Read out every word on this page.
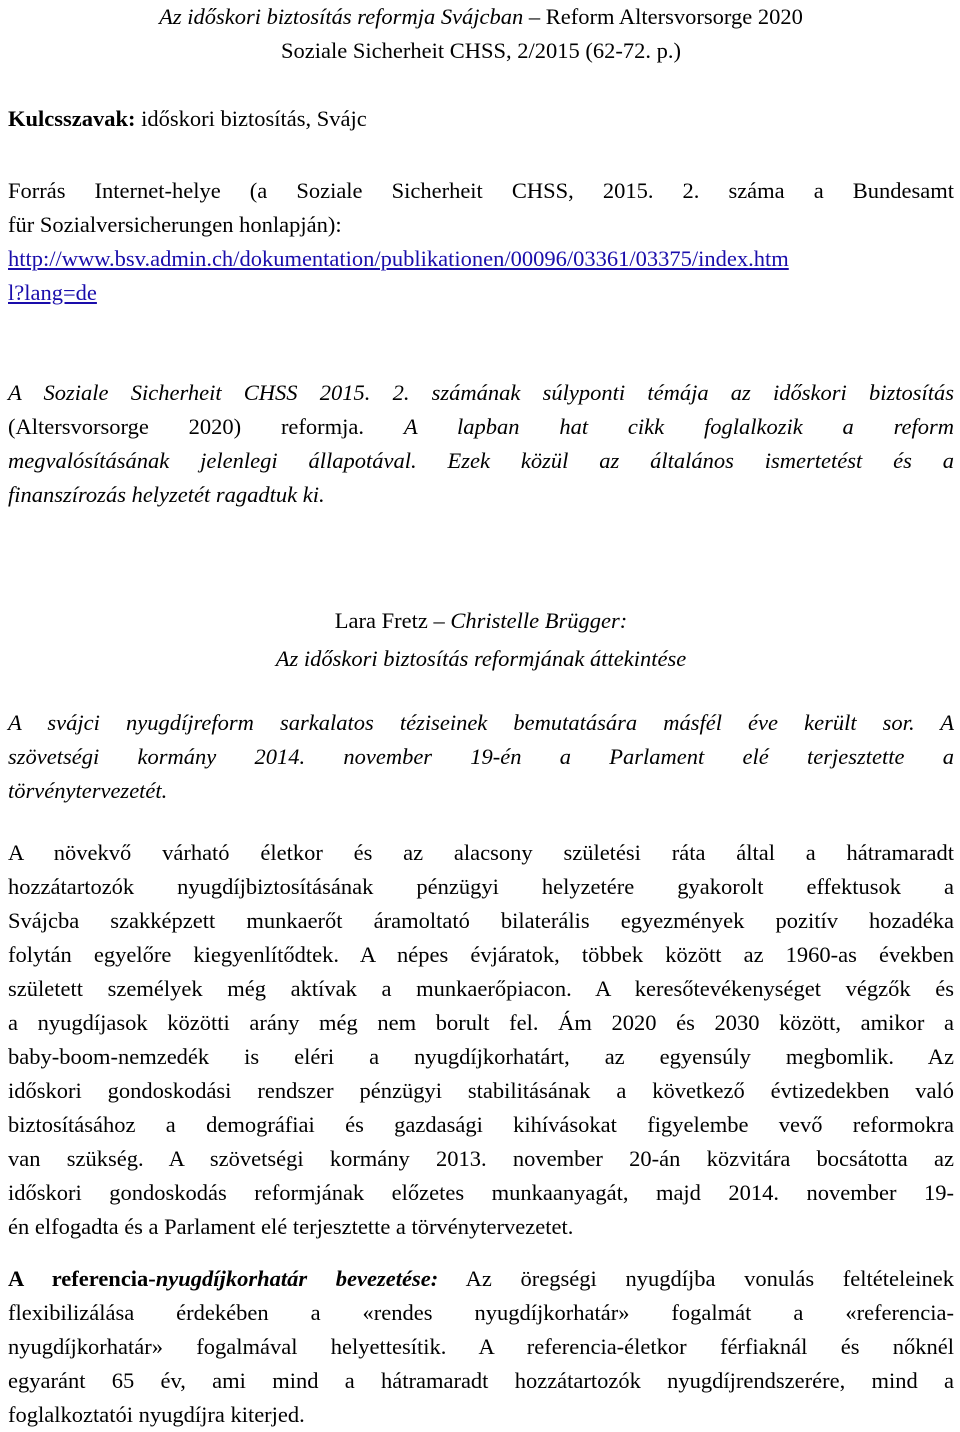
Az időskori biztosítás reformja Svájcban – Reform Altersvorsorge 2020
Soziale Sicherheit CHSS, 2/2015 (62-72. p.)
Kulcsszavak: időskori biztosítás, Svájc
Forrás Internet-helye (a Soziale Sicherheit CHSS, 2015. 2. száma a Bundesamt
für Sozialversicherungen honlapján):
http://www.bsv.admin.ch/dokumentation/publikationen/00096/03361/03375/index.htm
l?lang=de
A Soziale Sicherheit CHSS 2015. 2. számának súlyponti témája az időskori biztosítás
(Altersvorsorge 2020) reformja. A lapban hat cikk foglalkozik a reform
megvalósításának jelenlegi állapotával. Ezek közül az általános ismertetést és a
finanszírozás helyzetét ragadtuk ki.
Lara Fretz – Christelle Brügger:
Az időskori biztosítás reformjának áttekintése
A svájci nyugdíjreform sarkalatos téziseinek bemutatására másfél éve került sor. A
szövetségi kormány 2014. november 19-én a Parlament elé terjesztette a
törvénytervezetét.
A növekvő várható életkor és az alacsony születési ráta által a hátramaradt
hozzátartozók nyugdíjbiztosításának pénzügyi helyzetére gyakorolt effektusok a
Svájcba szakképzett munkaerőt áramoltató bilaterális egyezmények pozitív hozadéka
folytán egyelőre kiegyenlítődtek. A népes évjáratok, többek között az 1960-as években
született személyek még aktívak a munkaerőpiacon. A keresőtevékenységet végzők és
a nyugdíjasok közötti arány még nem borult fel. Ám 2020 és 2030 között, amikor a
baby-boom-nemzedék is eléri a nyugdíjkorhatárt, az egyensúly megbomlik. Az
időskori gondoskodási rendszer pénzügyi stabilitásának a következő évtizedekben való
biztosításához a demográfiai és gazdasági kihívásokat figyelembe vevő reformokra
van szükség. A szövetségi kormány 2013. november 20-án közvitára bocsátotta az
időskori gondoskodás reformjának előzetes munkaanyagát, majd 2014. november 19-
én elfogadta és a Parlament elé terjesztette a törvénytervezetet.
A referencia-nyugdíjkorhatár bevezetése: Az öregségi nyugdíjba vonulás feltételeinek
flexibilizálása érdekében a «rendes nyugdíjkorhatár» fogalmát a «referencia-
nyugdíjkorhatár» fogalmával helyettesítik. A referencia-életkor férfiaknál és nőknél
egyaránt 65 év, ami mind a hátramaradt hozzátartozók nyugdíjrendszerére, mind a
foglalkoztatói nyugdíjra kiterjed.
